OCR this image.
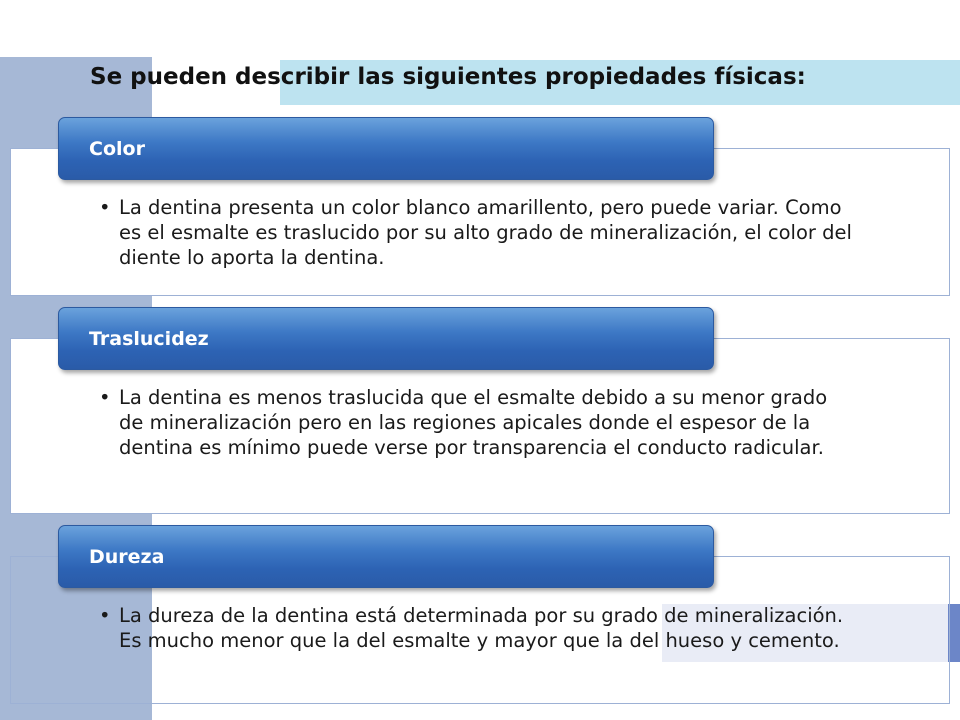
Se pueden describir las siguientes propiedades físicas:
• La dentina presenta un color blanco amarillento, pero puede variar. Como es el esmalte es traslucido por su alto grado de mineralización, el color del diente lo aporta la dentina.
Color
• La dentina es menos traslucida que el esmalte debido a su menor grado de mineralización pero en las regiones apicales donde el espesor de la dentina es mínimo puede verse por transparencia el conducto radicular.
Traslucidez
• La dureza de la dentina está determinada por su grado de mineralización. Es mucho menor que la del esmalte y mayor que la del hueso y cemento.
Dureza
